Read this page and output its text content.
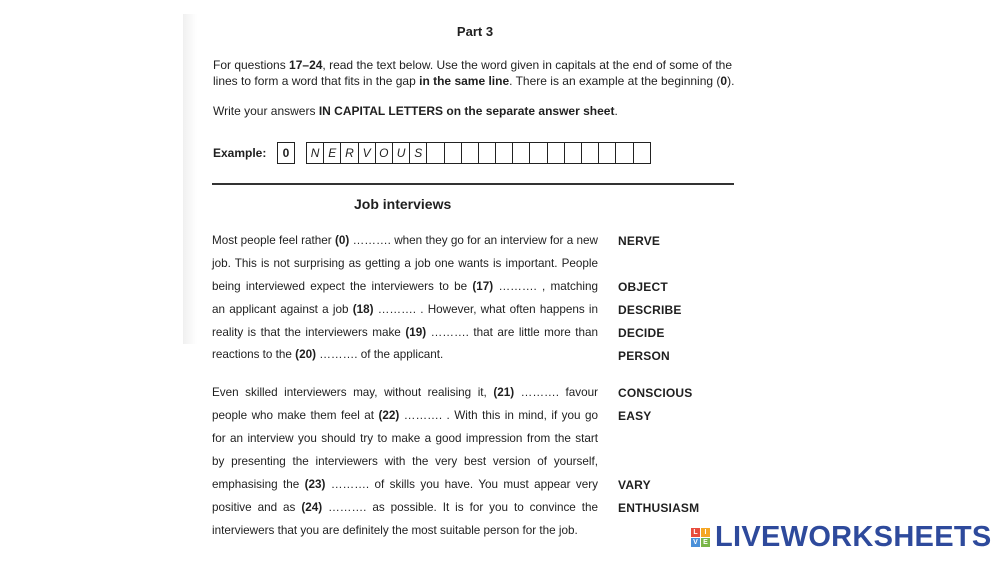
Part 3

For questions 17–24, read the text below. Use the word given in capitals at the end of some of the
lines to form a word that fits in the gap in the same line. There is an example at the beginning (0).

Write your answers IN CAPITAL LETTERS on the separate answer sheet.

Example:	0	N E R V O U S
Job interviews
Most people feel rather (0) ………. when they go for an interview for a new
job. This is not surprising as getting a job one wants is important. People
being interviewed expect the interviewers to be (17) ………. , matching
an applicant against a job (18) ………. . However, what often happens in
reality is that the interviewers make (19) ………. that are little more than
reactions to the (20) ………. of the applicant.
Even skilled interviewers may, without realising it, (21) ………. favour
people who make them feel at (22) ………. . With this in mind, if you go
for an interview you should try to make a good impression from the start
by presenting the interviewers with the very best version of yourself,
emphasising the (23) ………. of skills you have. You must appear very
positive and as (24) ………. as possible. It is for you to convince the
interviewers that you are definitely the most suitable person for the job.
NERVE
OBJECT
DESCRIBE
DECIDE
PERSON
CONSCIOUS
EASY
VARY
ENTHUSIASM
L I
V E LIVEWORKSHEETS
